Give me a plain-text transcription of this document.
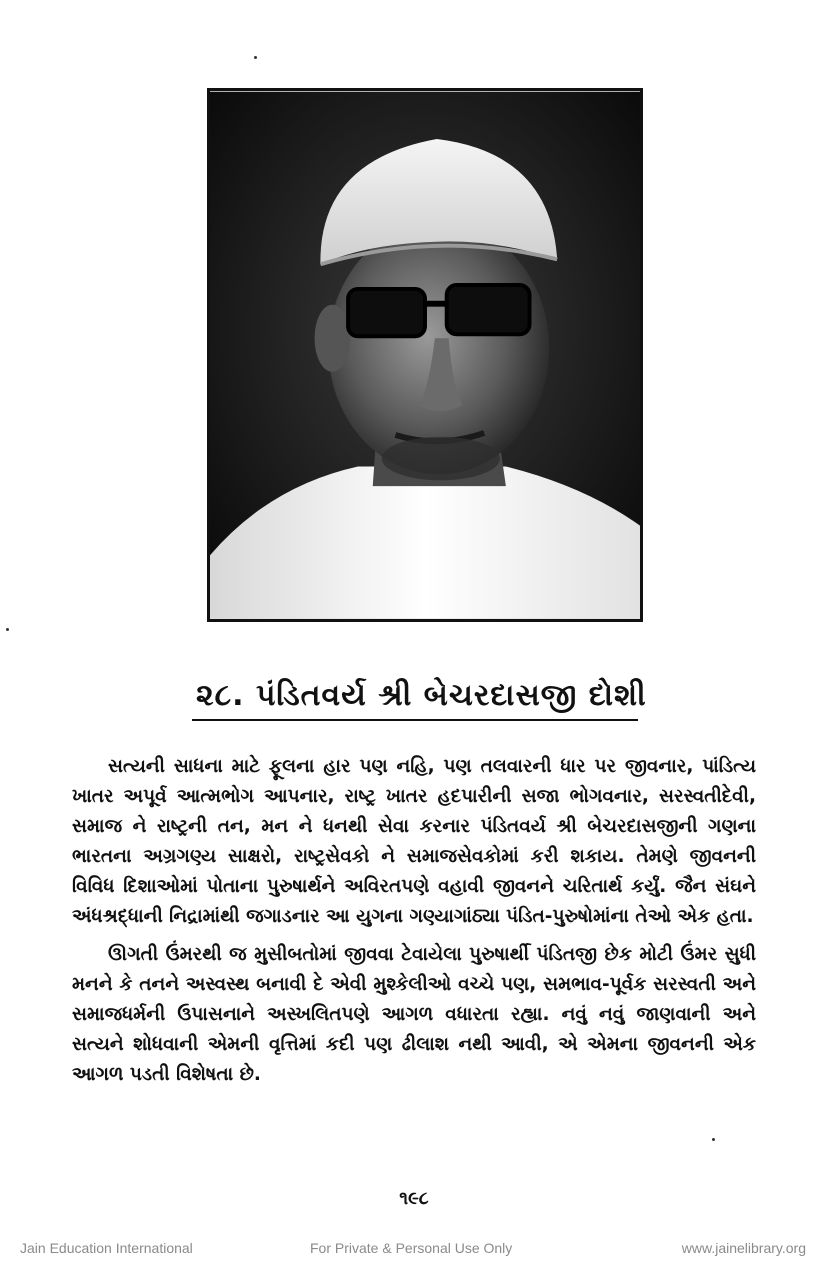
૨૮. પંડિતવર્ય શ્રી બેચરદાસજી દોશી

સત્યની સાધના માટે ફૂલના હાર પણ નહિ, પણ તલવારની ધાર પર જીવનાર, પાંડિત્ય ખાતર અપૂર્વ આત્મભોગ આપનાર, રાષ્ટ્ર ખાતર હદપારીની સજા ભોગવનાર, સરસ્વતીદેવી, સમાજ ને રાષ્ટ્રની તન, મન ને ધનથી સેવા કરનાર પંડિતવર્ય શ્રી બેચરદાસજીની ગણના ભારતના અગ્રગણ્ય સાક્ષરો, રાષ્ટ્રસેવકો ને સમાજસેવકોમાં કરી શકાય. તેમણે જીવનની વિવિધ દિશાઓમાં પોતાના પુરુષાર્થને અવિરતપણે વહાવી જીવનને ચરિતાર્થ કર્યું. જૈન સંઘને અંધશ્રદ્ધાની નિદ્રામાંથી જગાડનાર આ યુગના ગણ્યાગાંઠ્યા પંડિત-પુરુષોમાંના તેઓ એક હતા.

ઊગતી ઉંમરથી જ મુસીબતોમાં જીવવા ટેવાયેલા પુરુષાર્થી પંડિતજી છેક મોટી ઉંમર સુધી મનને કે તનને અસ્વસ્થ બનાવી દે એવી મુશ્કેલીઓ વચ્ચે પણ, સમભાવ-પૂર્વક સરસ્વતી અને સમાજધર્મની ઉપાસનાને અસ્ખલિતપણે આગળ વધારતા રહ્યા. નવું નવું જાણવાની અને સત્યને શોધવાની એમની વૃત્તિમાં કદી પણ ઢીલાશ નથી આવી, એ એમના જીવનની એક આગળ પડતી વિશેષતા છે.

૧૯૮
Jain Education International	For Private & Personal Use Only	www.jainelibrary.org
